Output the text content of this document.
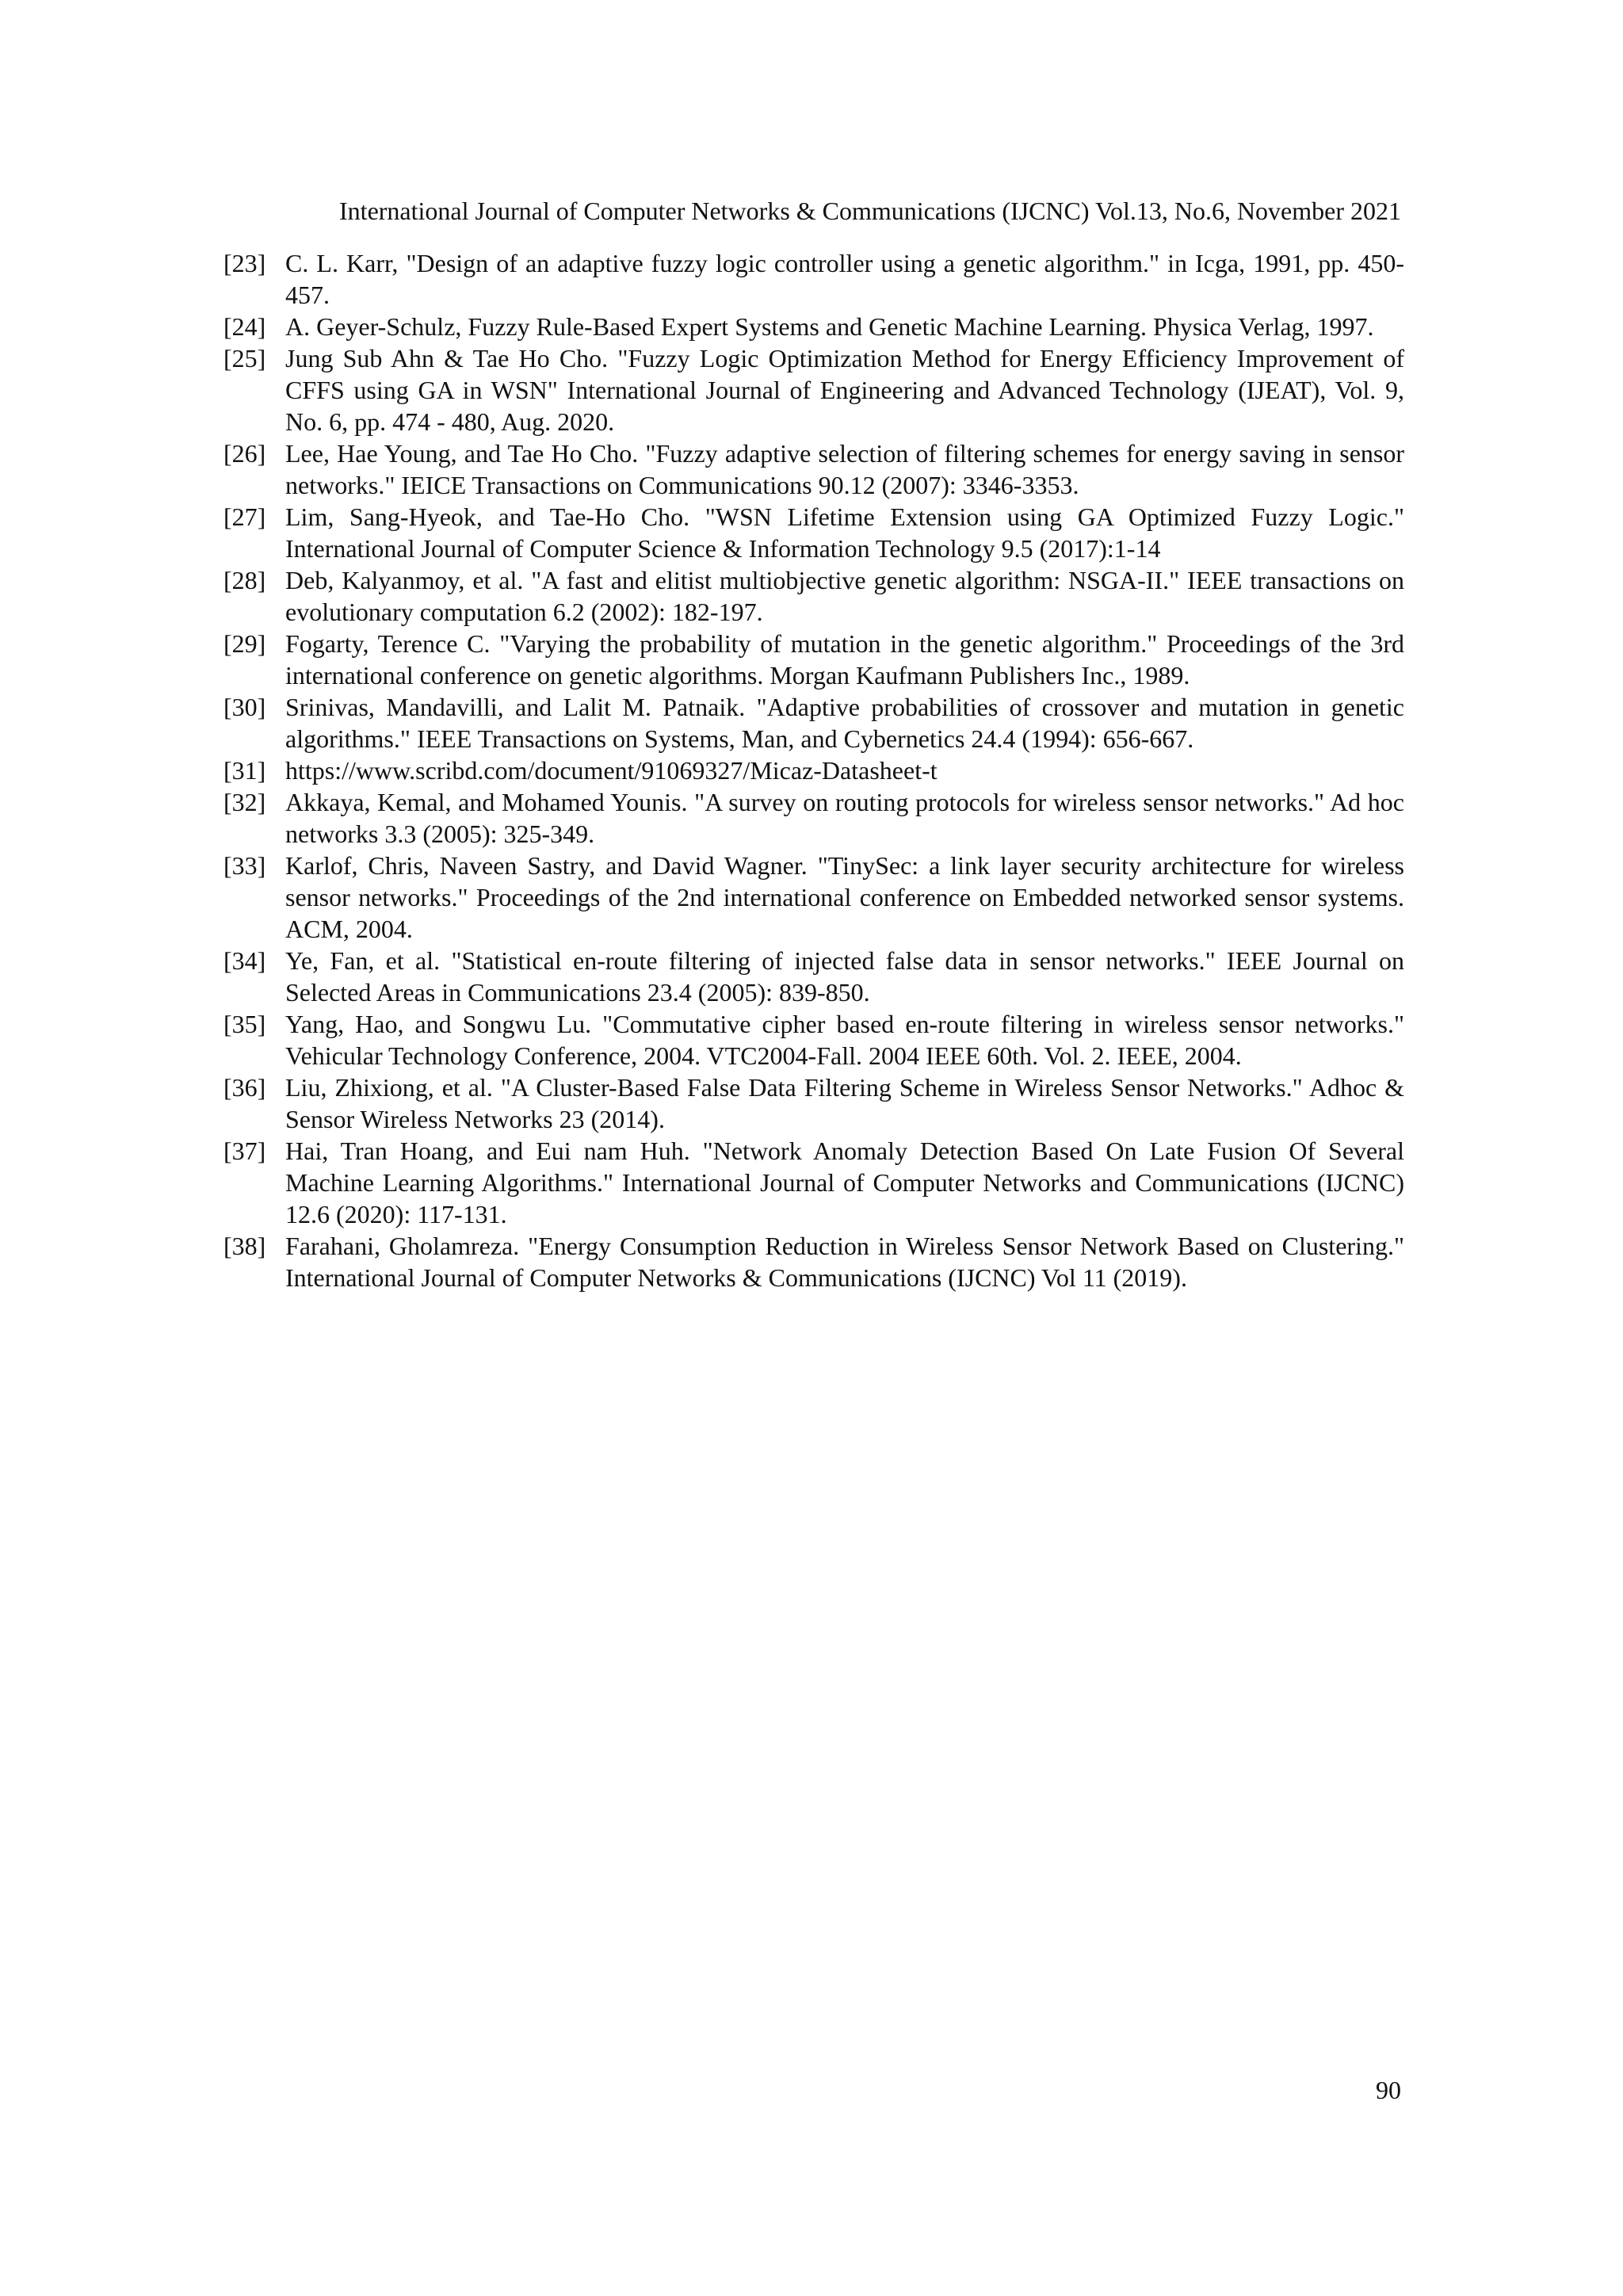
International Journal of Computer Networks & Communications (IJCNC) Vol.13, No.6, November 2021
[23] C. L. Karr, "Design of an adaptive fuzzy logic controller using a genetic algorithm." in Icga, 1991, pp. 450-457.
[24] A. Geyer-Schulz, Fuzzy Rule-Based Expert Systems and Genetic Machine Learning. Physica Verlag, 1997.
[25] Jung Sub Ahn & Tae Ho Cho. "Fuzzy Logic Optimization Method for Energy Efficiency Improvement of CFFS using GA in WSN" International Journal of Engineering and Advanced Technology (IJEAT), Vol. 9, No. 6, pp. 474 - 480, Aug. 2020.
[26] Lee, Hae Young, and Tae Ho Cho. "Fuzzy adaptive selection of filtering schemes for energy saving in sensor networks." IEICE Transactions on Communications 90.12 (2007): 3346-3353.
[27] Lim, Sang-Hyeok, and Tae-Ho Cho. "WSN Lifetime Extension using GA Optimized Fuzzy Logic." International Journal of Computer Science & Information Technology 9.5 (2017):1-14
[28] Deb, Kalyanmoy, et al. "A fast and elitist multiobjective genetic algorithm: NSGA-II." IEEE transactions on evolutionary computation 6.2 (2002): 182-197.
[29] Fogarty, Terence C. "Varying the probability of mutation in the genetic algorithm." Proceedings of the 3rd international conference on genetic algorithms. Morgan Kaufmann Publishers Inc., 1989.
[30] Srinivas, Mandavilli, and Lalit M. Patnaik. "Adaptive probabilities of crossover and mutation in genetic algorithms." IEEE Transactions on Systems, Man, and Cybernetics 24.4 (1994): 656-667.
[31] https://www.scribd.com/document/91069327/Micaz-Datasheet-t
[32] Akkaya, Kemal, and Mohamed Younis. "A survey on routing protocols for wireless sensor networks." Ad hoc networks 3.3 (2005): 325-349.
[33] Karlof, Chris, Naveen Sastry, and David Wagner. "TinySec: a link layer security architecture for wireless sensor networks." Proceedings of the 2nd international conference on Embedded networked sensor systems. ACM, 2004.
[34] Ye, Fan, et al. "Statistical en-route filtering of injected false data in sensor networks." IEEE Journal on Selected Areas in Communications 23.4 (2005): 839-850.
[35] Yang, Hao, and Songwu Lu. "Commutative cipher based en-route filtering in wireless sensor networks." Vehicular Technology Conference, 2004. VTC2004-Fall. 2004 IEEE 60th. Vol. 2. IEEE, 2004.
[36] Liu, Zhixiong, et al. "A Cluster-Based False Data Filtering Scheme in Wireless Sensor Networks." Adhoc & Sensor Wireless Networks 23 (2014).
[37] Hai, Tran Hoang, and Eui nam Huh. "Network Anomaly Detection Based On Late Fusion Of Several Machine Learning Algorithms." International Journal of Computer Networks and Communications (IJCNC) 12.6 (2020): 117-131.
[38] Farahani, Gholamreza. "Energy Consumption Reduction in Wireless Sensor Network Based on Clustering." International Journal of Computer Networks & Communications (IJCNC) Vol 11 (2019).
90
